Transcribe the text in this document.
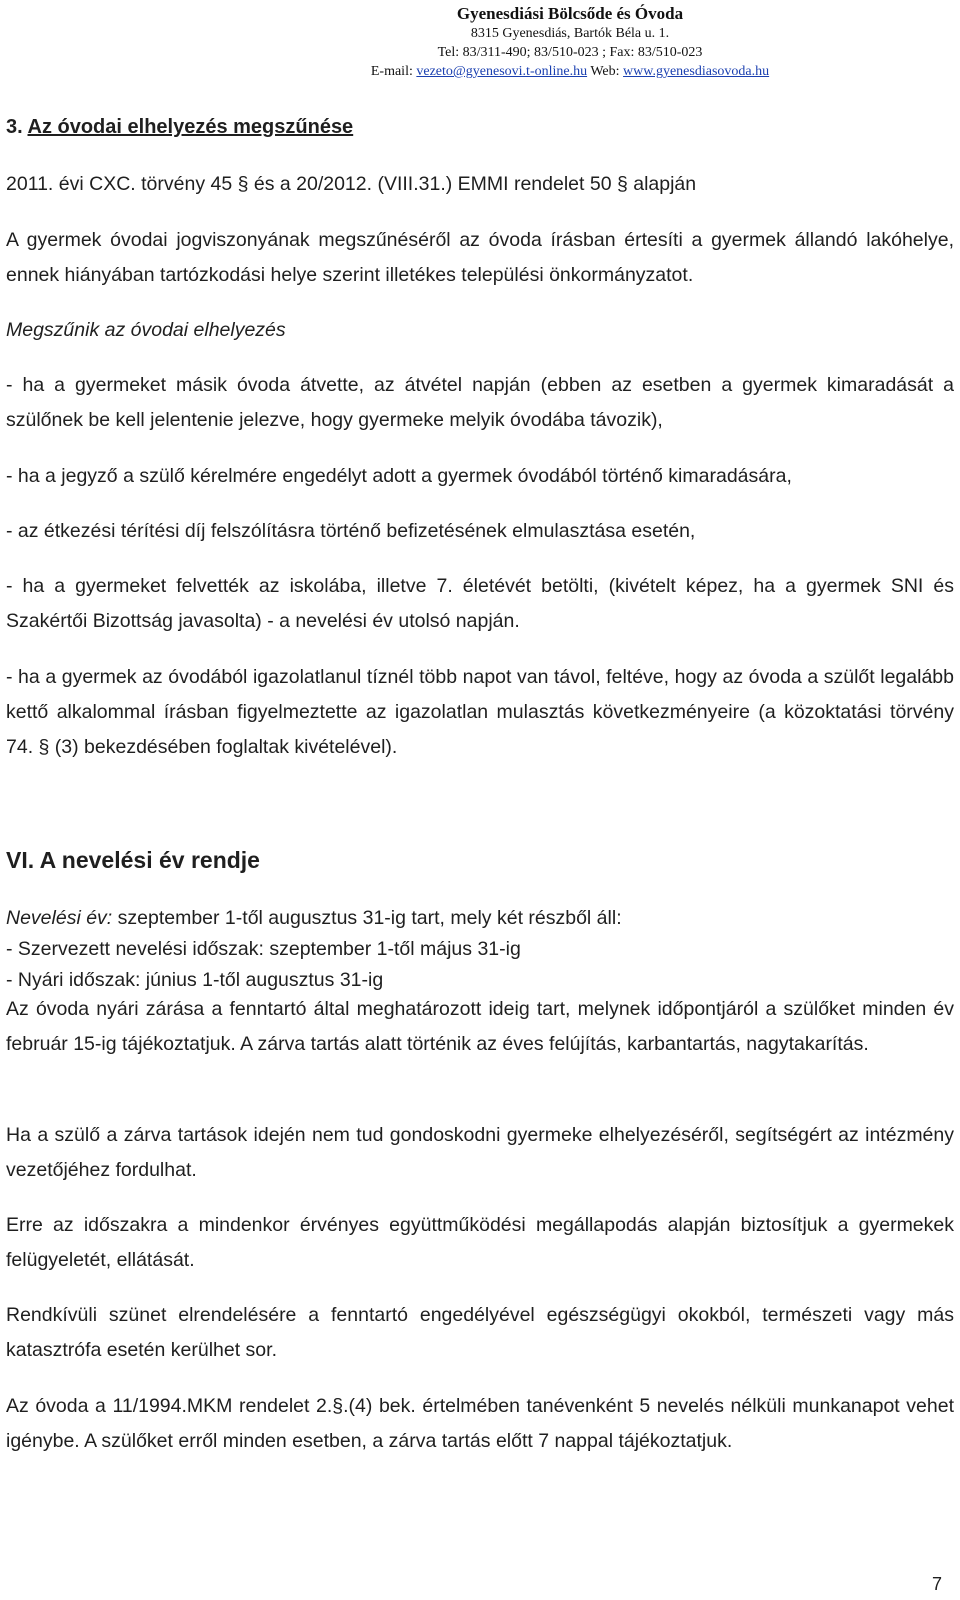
Gyenesdiási Bölcsőde és Óvoda
8315 Gyenesdiás, Bartók Béla u. 1.
Tel: 83/311-490; 83/510-023 ; Fax: 83/510-023
E-mail: vezeto@gyenesovi.t-online.hu Web: www.gyenesdiasovoda.hu
3. Az óvodai elhelyezés megszűnése

2011. évi CXC. törvény 45 § és a 20/2012. (VIII.31.) EMMI rendelet 50 § alapján

A gyermek óvodai jogviszonyának megszűnéséről az óvoda írásban értesíti a gyermek állandó lakóhelye, ennek hiányában tartózkodási helye szerint illetékes települési önkormányzatot.

Megszűnik az óvodai elhelyezés

- ha a gyermeket másik óvoda átvette, az átvétel napján (ebben az esetben a gyermek kimaradását a szülőnek be kell jelentenie jelezve, hogy gyermeke melyik óvodába távozik),

- ha a jegyző a szülő kérelmére engedélyt adott a gyermek óvodából történő kimaradására,

- az étkezési térítési díj felszólításra történő befizetésének elmulasztása esetén,

- ha a gyermeket felvették az iskolába, illetve 7. életévét betölti, (kivételt képez, ha a gyermek SNI és Szakértői Bizottság javasolta) - a nevelési év utolsó napján.

- ha a gyermek az óvodából igazolatlanul tíznél több napot van távol, feltéve, hogy az óvoda a szülőt legalább kettő alkalommal írásban figyelmeztette az igazolatlan mulasztás következményeire (a közoktatási törvény 74. § (3) bekezdésében foglaltak kivételével).

VI. A nevelési év rendje

Nevelési év: szeptember 1-től augusztus 31-ig tart, mely két részből áll:

- Szervezett nevelési időszak: szeptember 1-től május 31-ig

- Nyári időszak: június 1-től augusztus 31-ig

Az óvoda nyári zárása a fenntartó által meghatározott ideig tart, melynek időpontjáról a szülőket minden év február 15-ig tájékoztatjuk. A zárva tartás alatt történik az éves felújítás, karbantartás, nagytakarítás.

Ha a szülő a zárva tartások idején nem tud gondoskodni gyermeke elhelyezéséről, segítségért az intézmény vezetőjéhez fordulhat.

Erre az időszakra a mindenkor érvényes együttműködési megállapodás alapján biztosítjuk a gyermekek felügyeletét, ellátását.

Rendkívüli szünet elrendelésére a fenntartó engedélyével egészségügyi okokból, természeti vagy más katasztrófa esetén kerülhet sor.

Az óvoda a 11/1994.MKM rendelet 2.§.(4) bek. értelmében tanévenként 5 nevelés nélküli munkanapot vehet igénybe. A szülőket erről minden esetben, a zárva tartás előtt 7 nappal tájékoztatjuk.

7
